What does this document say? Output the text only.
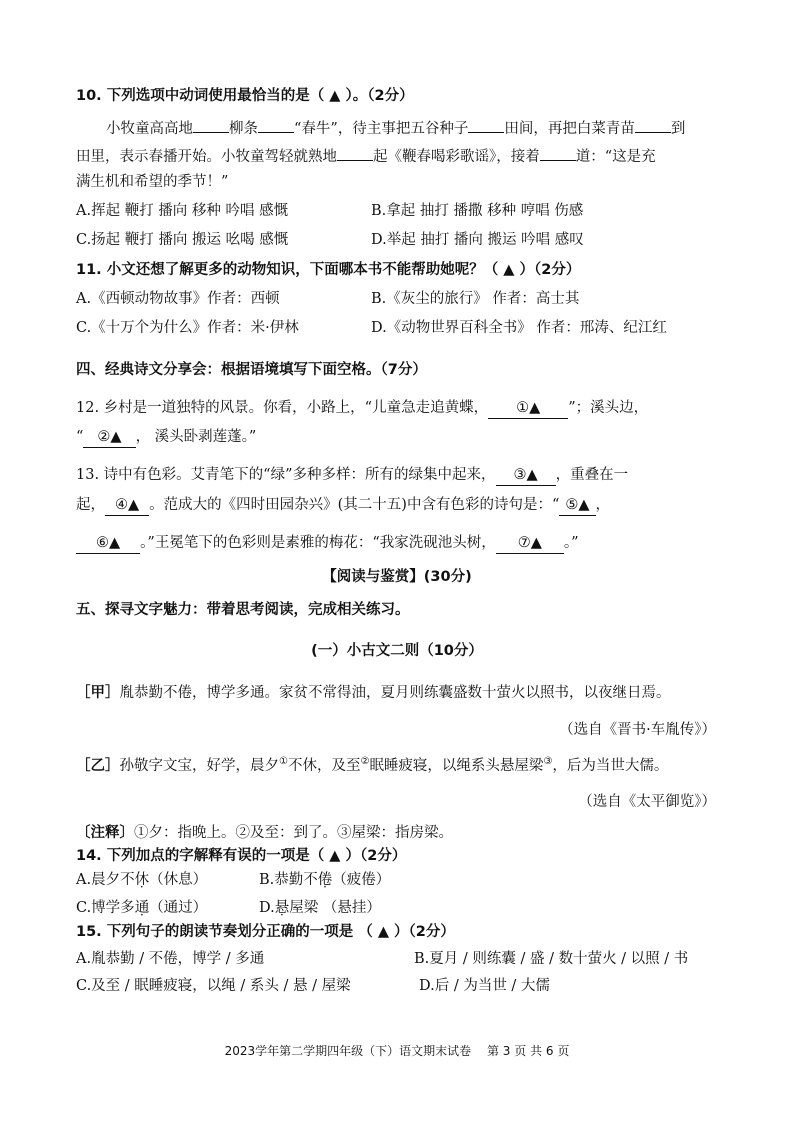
10. 下列选项中动词使用最恰当的是（ ▲ ）。（2分）
小牧童高高地 柳条 “春牛”，待主事把五谷种子 田间，再把白菜青苗 到
田里，表示春播开始。小牧童驾轻就熟地 起《鞭春喝彩歌谣》，接着 道：“这是充
满生机和希望的季节！”
A.挥起 鞭打 播向 移种 吟唱 感慨	B.拿起 抽打 播撒 移种 哼唱 伤感
C.扬起 鞭打 播向 搬运 吆喝 感慨	D.举起 抽打 播向 搬运 吟唱 感叹
11. 小文还想了解更多的动物知识，下面哪本书不能帮助她呢？（ ▲ ）（2分）
A.《西顿动物故事》作者：西顿	B.《灰尘的旅行》 作者：高士其
C.《十万个为什么》作者：米·伊林	D.《动物世界百科全书》 作者：邢涛、纪江红
四、经典诗文分享会：根据语境填写下面空格。（7分）
12. 乡村是一道独特的风景。你看，小路上，“儿童急走追黄蝶， ①▲ ”；溪头边，
“ ②▲ ， 溪头卧剥莲蓬。”
13. 诗中有色彩。艾青笔下的“绿”多种多样：所有的绿集中起来， ③▲ ，重叠在一
起， ④▲ 。范成大的《四时田园杂兴》(其二十五)中含有色彩的诗句是：“ ⑤▲ ，
⑥▲ 。”王冕笔下的色彩则是素雅的梅花：“我家洗砚池头树， ⑦▲ 。”
【阅读与鉴赏】(30分)
五、探寻文字魅力：带着思考阅读，完成相关练习。
(一）小古文二则（10分）
［甲］胤恭勤不倦，博学多通。家贫不常得油，夏月则练囊盛数十萤火以照书，以夜继日焉。
（选自《晋书·车胤传》）
［乙］孙敬字文宝，好学，晨夕①不休，及至②眠睡疲寝，以绳系头悬屋梁③，后为当世大儒。
（选自《太平御览》）
〔注释〕①夕：指晚上。②及至：到了。③屋梁：指房梁。
14. 下列加点的字解释有误的一项是（ ▲ ）（2分）
A.晨夕不休（休息）	B.恭勤不倦（疲倦）
C.博学多通（通过）	D.悬屋梁 （悬挂）
15. 下列句子的朗读节奏划分正确的一项是 （ ▲ ）（2分）
A.胤恭勤 / 不倦，博学 / 多通	B.夏月 / 则练囊 / 盛 / 数十萤火 / 以照 / 书
C.及至 / 眠睡疲寝，以绳 / 系头 / 悬 / 屋梁	D.后 / 为当世 / 大儒
2023学年第二学期四年级（下）语文期末试卷　 第 3 页 共 6 页
